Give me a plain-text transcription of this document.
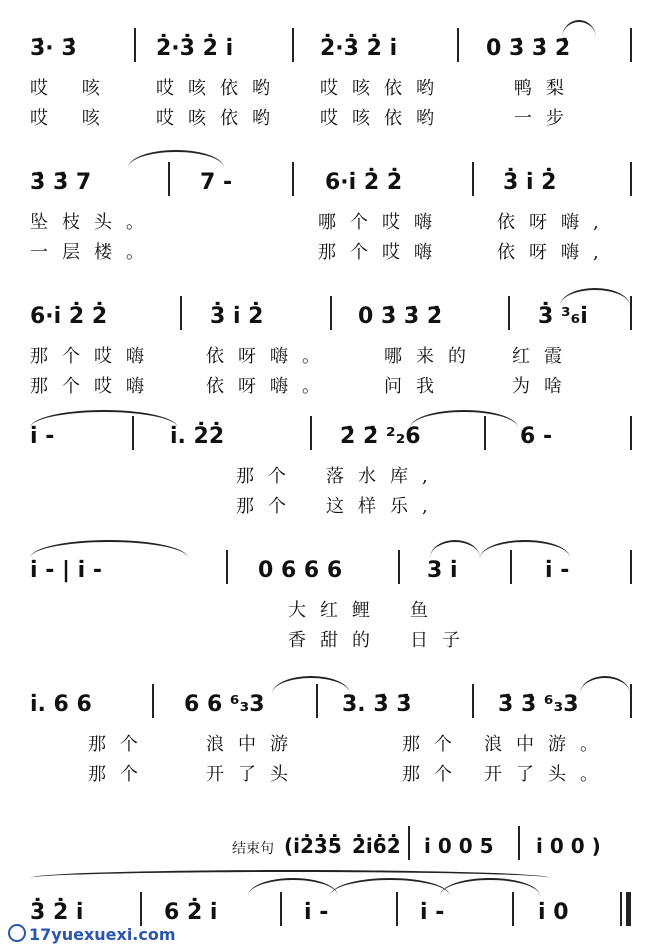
3̇· 3̇	2̇·3̇ 2̇ i̇	2̇·3̇ 2̇ i̇	0 3̇ 3̇ 2̇
哎 咳 哎咳依哟 哎咳依哟	鸭梨
哎 咳 哎咳依哟 哎咳依哟	一步
3̇ 3̇ 7	7 -	6·i̇ 2̇ 2̇	3̇ i̇ 2̇
坠枝头。	哪个哎嗨	依呀嗨,
一层楼。	那个哎嗨	依呀嗨,
6·i̇ 2̇ 2̇	3̇ i̇ 2̇	0 3̇ 3̇ 2̇	3̇ ³₆i̇
那个哎嗨	依呀嗨。	哪来的 红霞
那个哎嗨	依呀嗨。	问我	为啥
i̇ -	i̇. 2̇2̇	2̇ 2̇ ²₂6	6 -
那个 落水库,
那个 这样乐,
i̇ - | i̇ -	0 6 6 6	3 i̇	i̇ -
大红鲤 鱼
香甜的 日子
i̇. 6 6	6 6 ⁶₃3	3. 3̇ 3̇	3̇ 3̇ ⁶₃3
那个	浪中游	那个 浪中游。
那个	开了头	那个 开了头。
结束句 (i̇2̇3̇5̇ 2̇i̇6̇2̇ i̇ 0 0 5 i̇ 0 0 )
3̇ 2̇ i̇	6 2̇ i̇	i̇ -	i̇ -	i̇ 0
17yuexuexi.com
